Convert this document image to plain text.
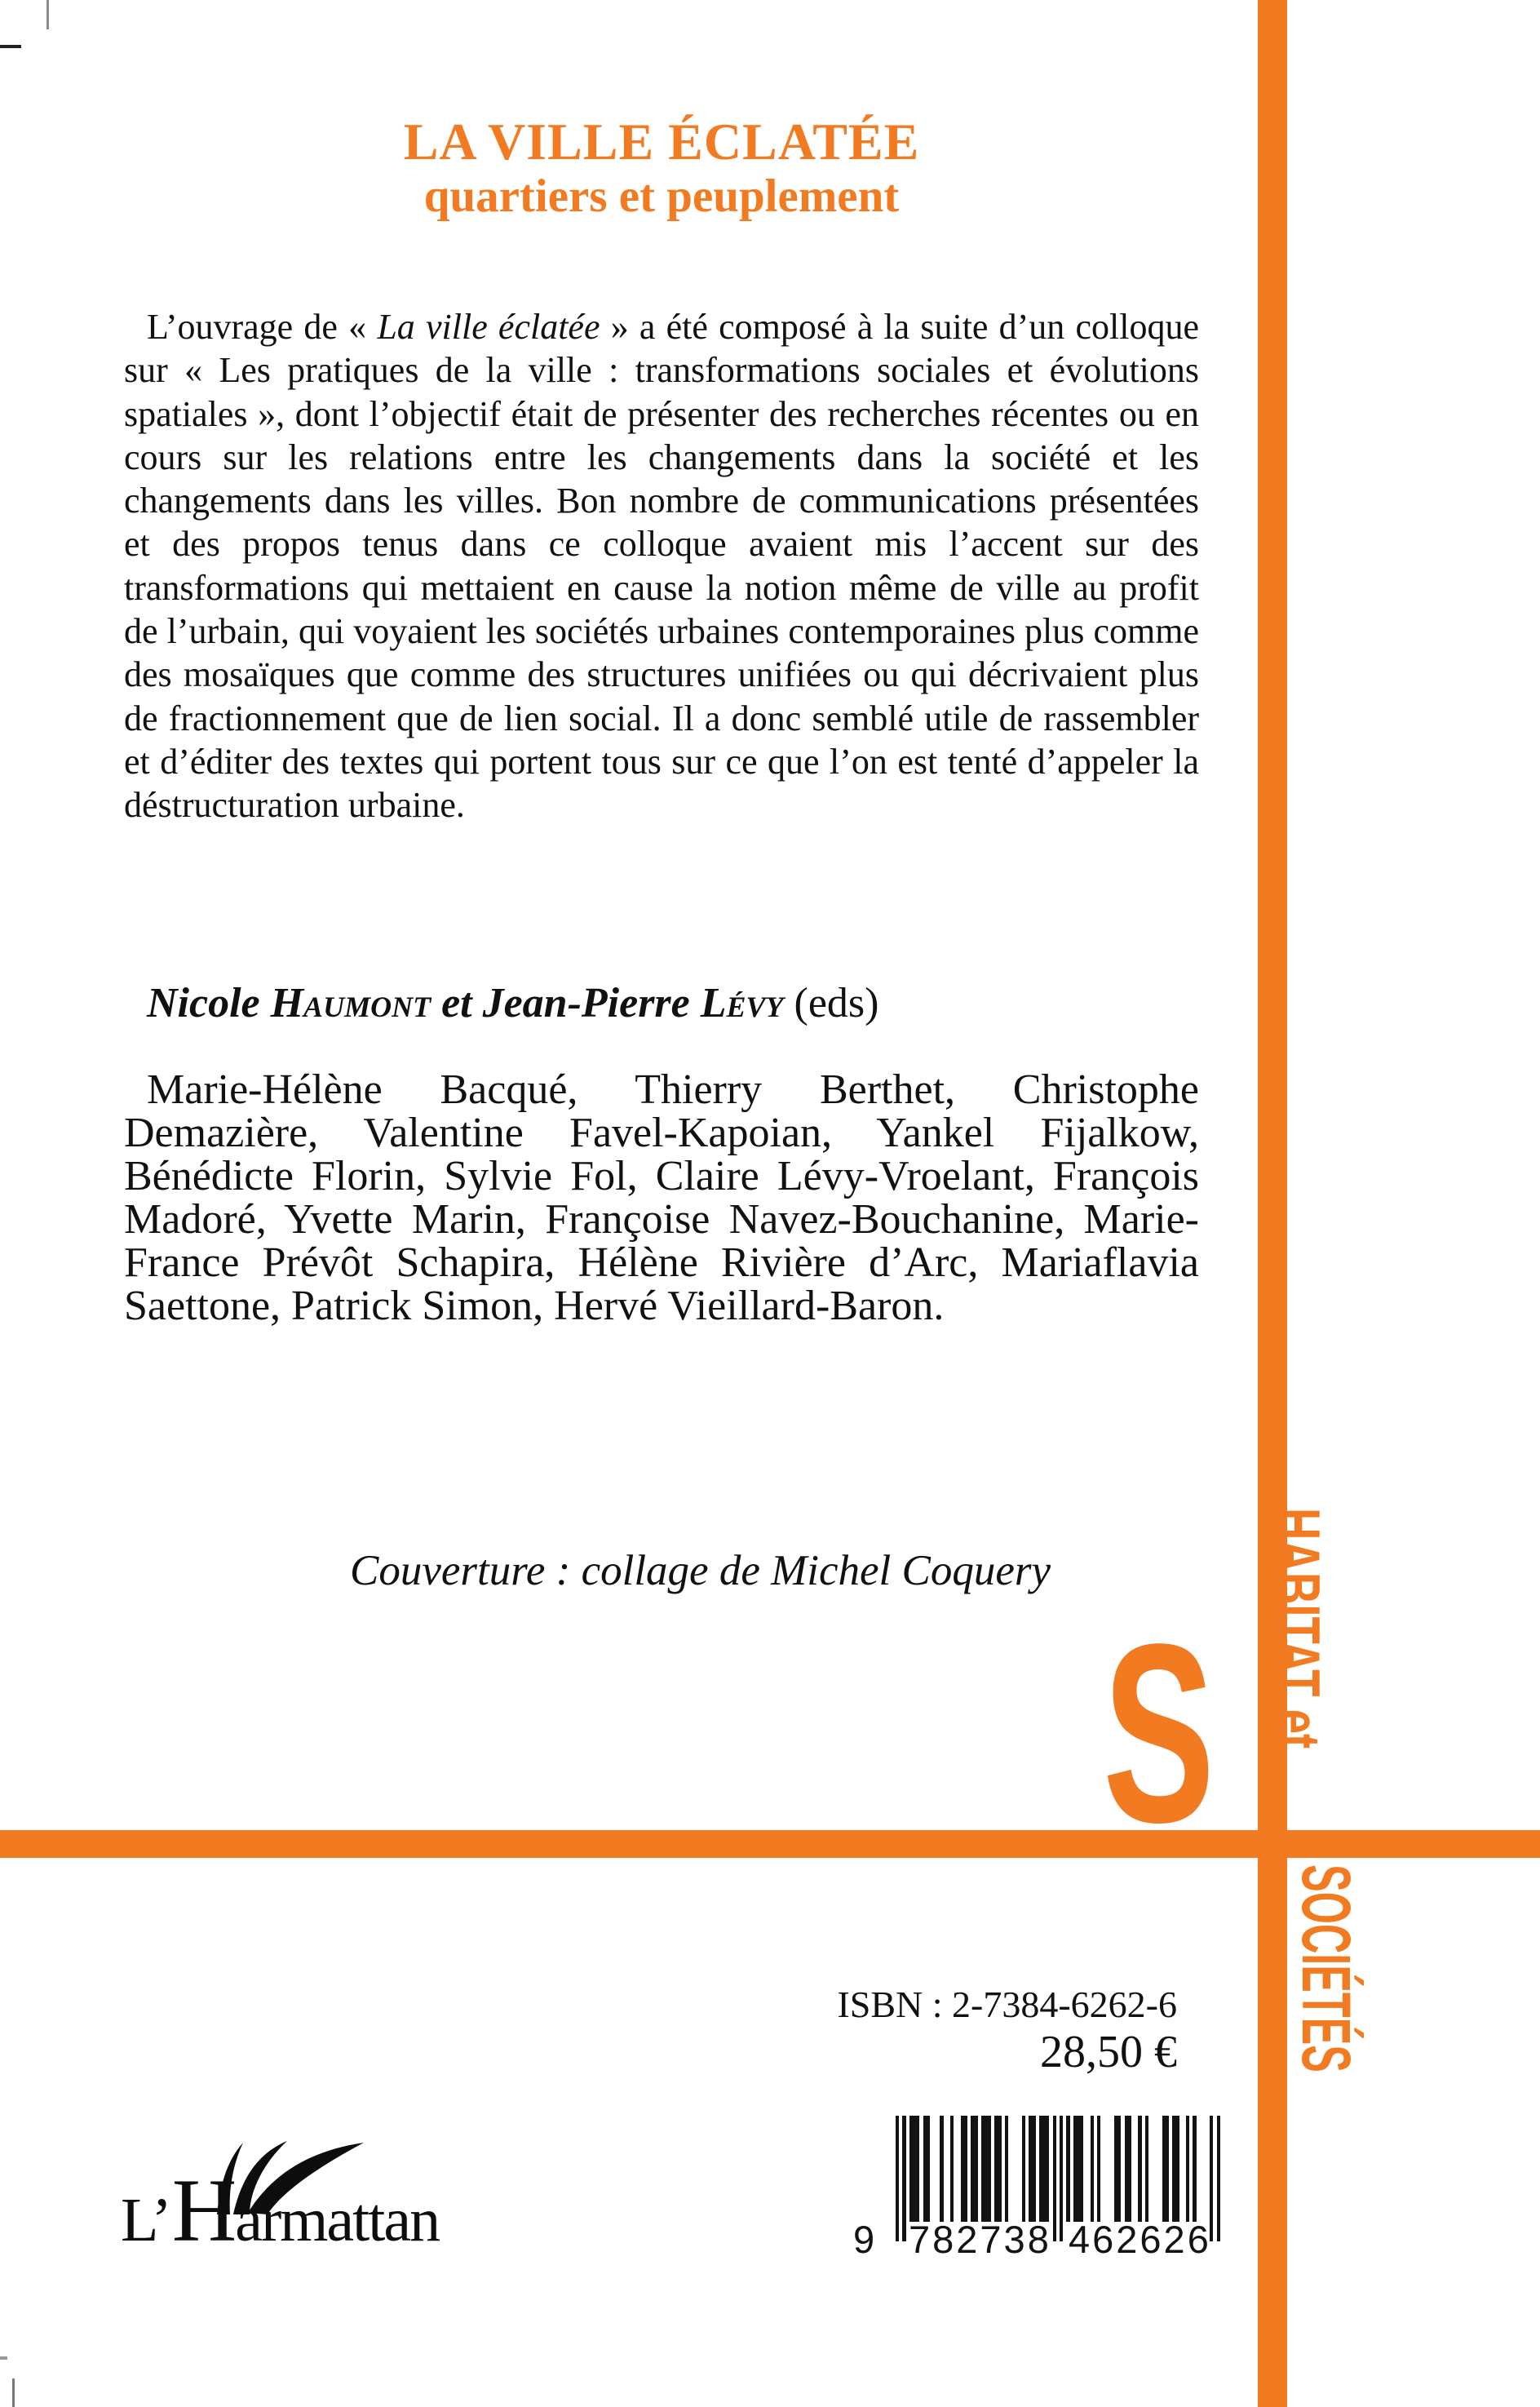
S HABITAT et
SOCIÉTÉS
LA VILLE ÉCLATÉE
quartiers et peuplement

L’ouvrage de « La ville éclatée » a été composé à la suite d’un colloque sur « Les pratiques de la ville : transformations sociales et évolutions spatiales », dont l’objectif était de présenter des recherches récentes ou en cours sur les relations entre les changements dans la société et les changements dans les villes. Bon nombre de communications présentées et des propos tenus dans ce colloque avaient mis l’accent sur des transformations qui mettaient en cause la notion même de ville au profit de l’urbain, qui voyaient les sociétés urbaines contemporaines plus comme des mosaïques que comme des structures unifiées ou qui décrivaient plus de fractionnement que de lien social. Il a donc semblé utile de rassembler et d’éditer des textes qui portent tous sur ce que l’on est tenté d’appeler la déstructuration urbaine.

Nicole Haumont et Jean-Pierre Lévy (eds)

Marie-Hélène Bacqué, Thierry Berthet, Christophe Demazière, Valentine Favel-Kapoian, Yankel Fijalkow, Bénédicte Florin, Sylvie Fol, Claire Lévy-Vroelant, François Madoré, Yvette Marin, Françoise Navez-Bouchanine, Marie-France Prévôt Schapira, Hélène Rivière d’Arc, Mariaflavia Saettone, Patrick Simon, Hervé Vieillard-Baron.

Couverture : collage de Michel Coquery
ISBN : 2-7384-6262-6
28,50 €
9 782738 462626
L’ H armattan
